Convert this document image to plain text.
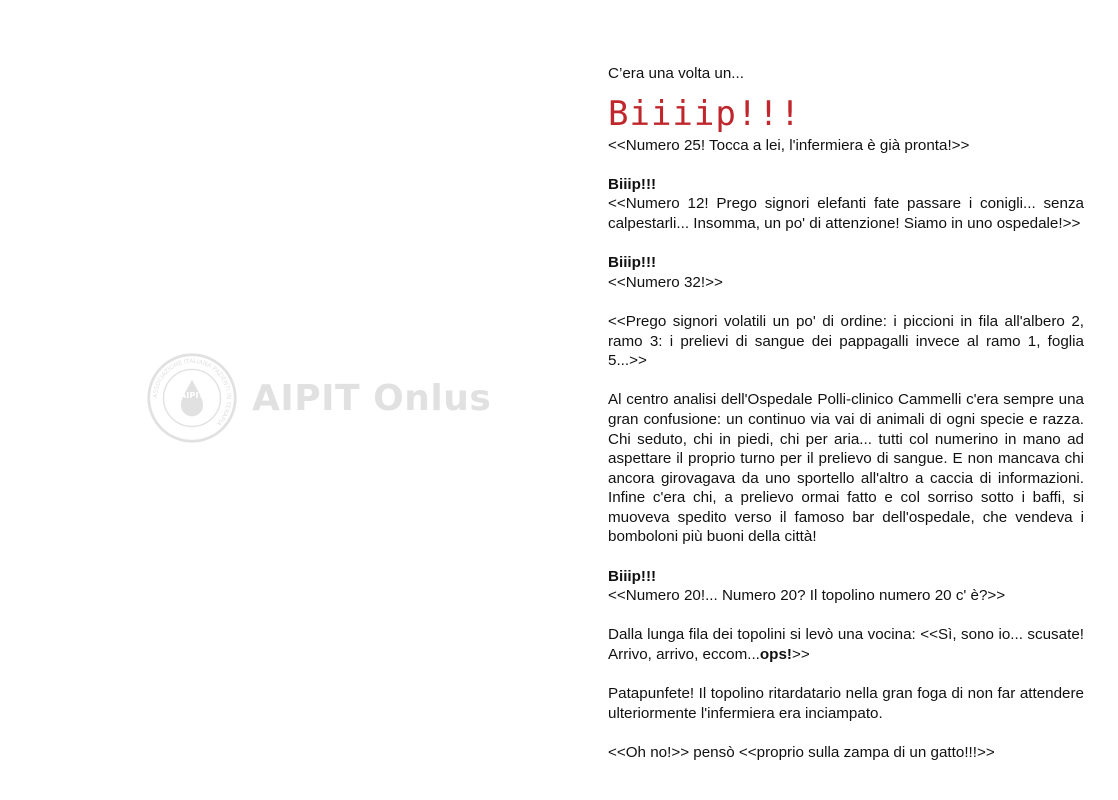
ASSOCIAZIONE ITALIANA PAZIENTI IN TERAPIA
AIPIT AIPIT Onlus

C’era una volta un...

Biiiip!!!

<<Numero 25! Tocca a lei, l'infermiera è già pronta!>>

Biiip!!!

<<Numero 12! Prego signori elefanti fate passare i conigli... senza calpestarli... Insomma, un po' di attenzione! Siamo in uno ospedale!>>

Biiip!!!

<<Numero 32!>>

<<Prego signori volatili un po' di ordine: i piccioni in fila all'albero 2, ramo 3: i prelievi di sangue dei pappagalli invece al ramo 1, foglia 5...>>

Al centro analisi dell'Ospedale Polli-clinico Cammelli c'era sempre una gran confusione: un continuo via vai di animali di ogni specie e razza. Chi seduto, chi in piedi, chi per aria... tutti col numerino in mano ad aspettare il proprio turno per il prelievo di sangue. E non mancava chi ancora girovagava da uno sportello all'altro a caccia di informazioni. Infine c'era chi, a prelievo ormai fatto e col sorriso sotto i baffi, si muoveva spedito verso il famoso bar dell'ospedale, che vendeva i bomboloni più buoni della città!

Biiip!!!

<<Numero 20!... Numero 20? Il topolino numero 20 c' è?>>

Dalla lunga fila dei topolini si levò una vocina: <<Sì, sono io... scusate! Arrivo, arrivo, eccom...ops!>>

Patapunfete! Il topolino ritardatario nella gran foga di non far attendere ulteriormente l'infermiera era inciampato.

<<Oh no!>> pensò <<proprio sulla zampa di un gatto!!!>>
